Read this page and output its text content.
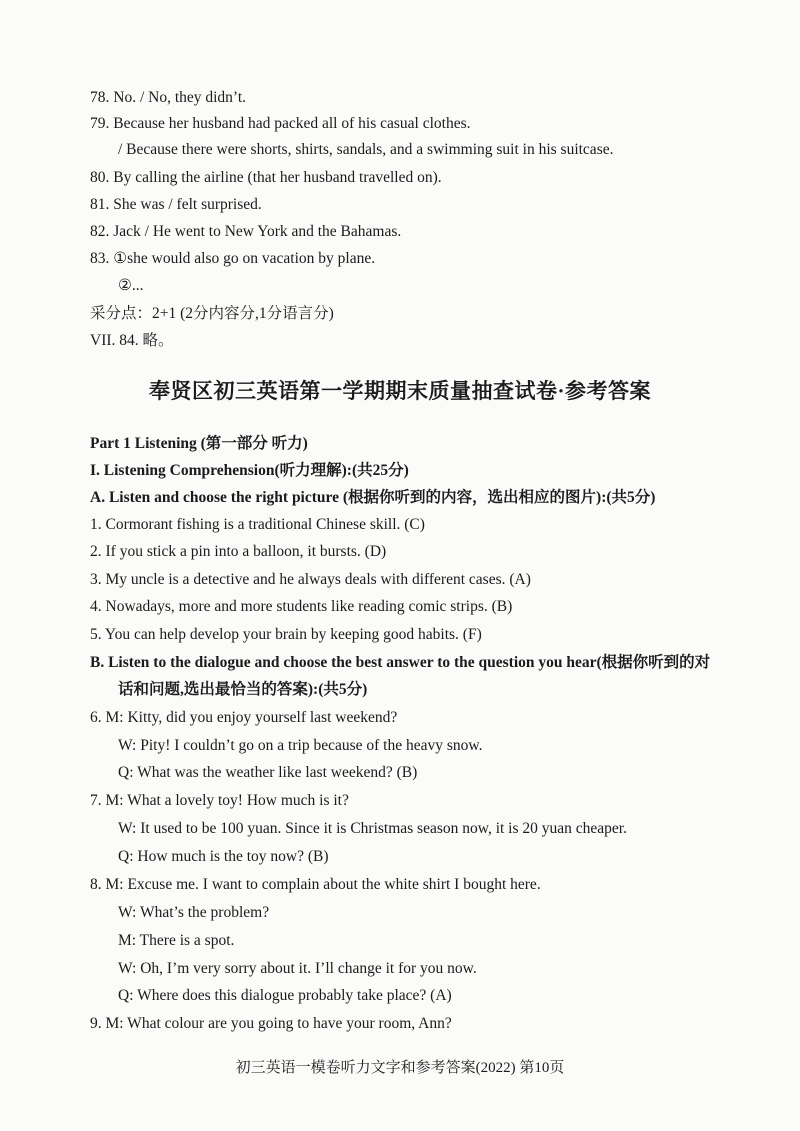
78. No. / No, they didn’t.
79. Because her husband had packed all of his casual clothes.
/ Because there were shorts, shirts, sandals, and a swimming suit in his suitcase.
80. By calling the airline (that her husband travelled on).
81. She was / felt surprised.
82. Jack / He went to New York and the Bahamas.
83. ①she would also go on vacation by plane.
②...
采分点：2+1 (2分内容分,1分语言分)
VII. 84. 略。
奉贤区初三英语第一学期期末质量抽查试卷·参考答案
Part 1 Listening (第一部分 听力)
I. Listening Comprehension(听力理解):(共25分)
A. Listen and choose the right picture (根据你听到的内容，选出相应的图片):(共5分)
1. Cormorant fishing is a traditional Chinese skill. (C)
2. If you stick a pin into a balloon, it bursts. (D)
3. My uncle is a detective and he always deals with different cases. (A)
4. Nowadays, more and more students like reading comic strips. (B)
5. You can help develop your brain by keeping good habits. (F)
B. Listen to the dialogue and choose the best answer to the question you hear(根据你听到的对
话和问题,选出最恰当的答案):(共5分)
6. M: Kitty, did you enjoy yourself last weekend?
W: Pity! I couldn’t go on a trip because of the heavy snow.
Q: What was the weather like last weekend? (B)
7. M: What a lovely toy! How much is it?
W: It used to be 100 yuan. Since it is Christmas season now, it is 20 yuan cheaper.
Q: How much is the toy now? (B)
8. M: Excuse me. I want to complain about the white shirt I bought here.
W: What’s the problem?
M: There is a spot.
W: Oh, I’m very sorry about it. I’ll change it for you now.
Q: Where does this dialogue probably take place? (A)
9. M: What colour are you going to have your room, Ann?
初三英语一模卷听力文字和参考答案(2022) 第10页
